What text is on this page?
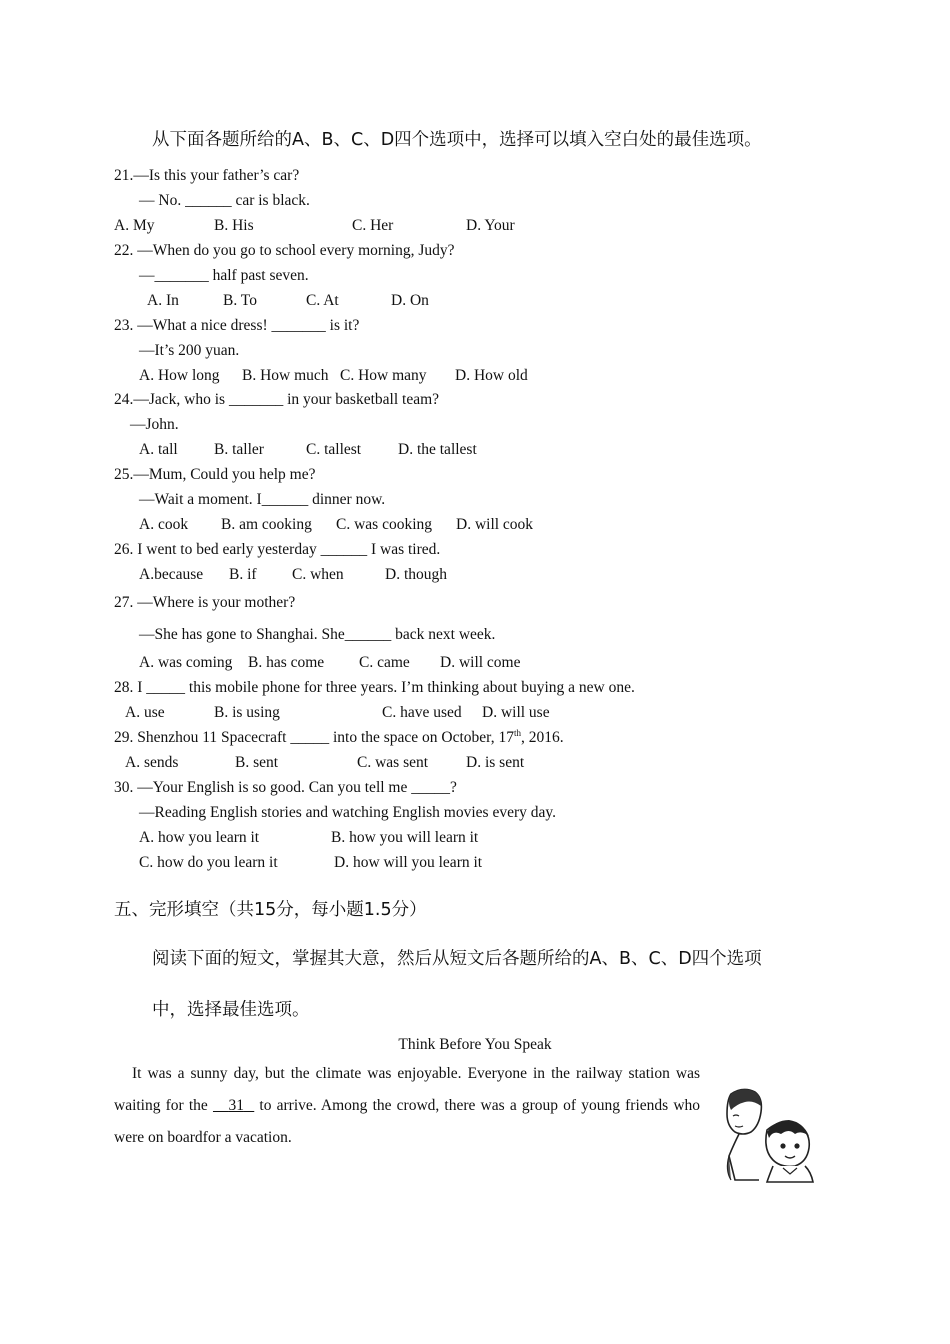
从下面各题所给的A、B、C、D四个选项中，选择可以填入空白处的最佳选项。
21.—Is this your father’s car?
— No. ______ car is black.
A. My	B. His	C. Her	D. Your
22. —When do you go to school every morning, Judy?
—_______ half past seven.
A. In	B. To	C. At	D. On
23. —What a nice dress! _______ is it?
—It’s 200 yuan.
A. How long B. How much C. How many D. How old
24.—Jack, who is _______ in your basketball team?
—John.
A. tall B. taller	C. tallest D. the tallest
25.—Mum, Could you help me?
—Wait a moment. I______ dinner now.
A. cook B. am cooking C. was cooking D. will cook
26. I went to bed early yesterday ______ I was tired.
A.because B. if C. when	D. though
27. —Where is your mother?
—She has gone to Shanghai. She______ back next week.
A. was coming B. has come C. came D. will come
28. I _____ this mobile phone for three years. I’m thinking about buying a new one.
A. use	B. is using	C. have used D. will use
29. Shenzhou 11 Spacecraft _____ into the space on October, 17th, 2016.
A. sends	B. sent	C. was sent D. is sent
30. —Your English is so good. Can you tell me _____?
—Reading English stories and watching English movies every day.
A. how you learn it	B. how you will learn it
C. how do you learn it	D. how will you learn it
五、完形填空（共15分，每小题1.5分）
阅读下面的短文，掌握其大意，然后从短文后各题所给的A、B、C、D四个选项
中，选择最佳选项。
Think Before You Speak
It was a sunny day, but the climate was enjoyable. Everyone in the railway station was waiting for the 31 to arrive. Among the crowd, there was a group of young friends who were on boardfor a vacation.
